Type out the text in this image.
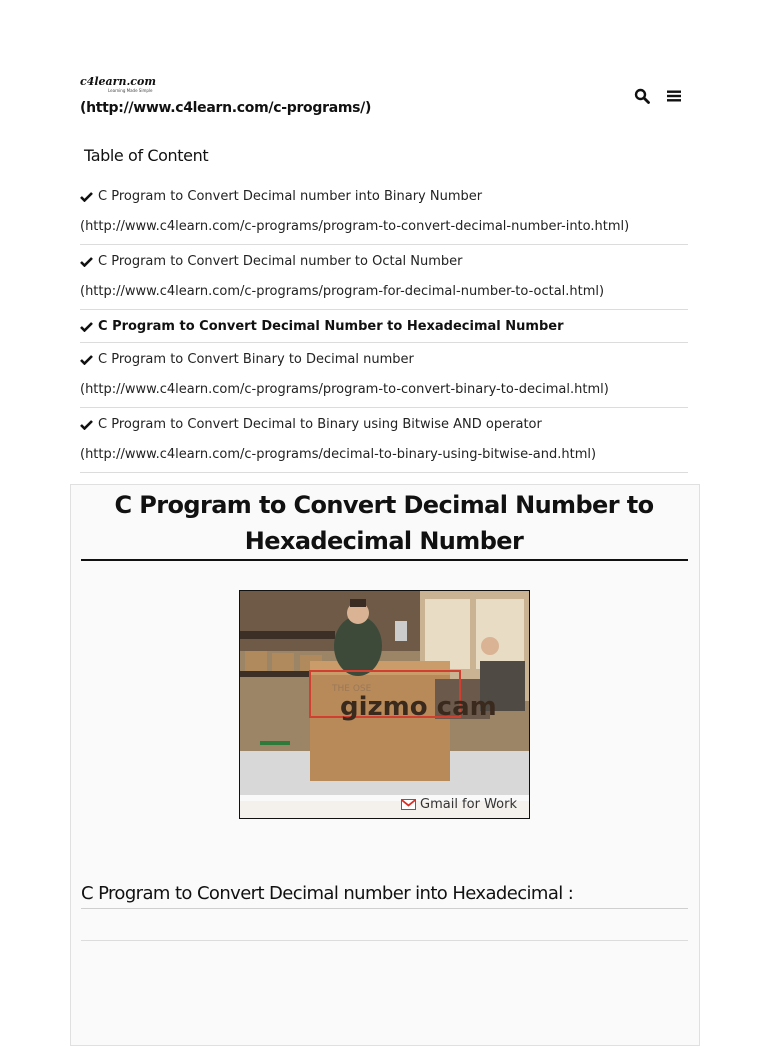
c4learn.com
Learning Made Simple
(http://www.c4learn.com/c-programs/)
Table of Content
C Program to Convert Decimal number into Binary Number
(http://www.c4learn.com/c-programs/program-to-convert-decimal-number-into.html)
C Program to Convert Decimal number to Octal Number
(http://www.c4learn.com/c-programs/program-for-decimal-number-to-octal.html)
C Program to Convert Decimal Number to Hexadecimal Number
C Program to Convert Binary to Decimal number
(http://www.c4learn.com/c-programs/program-to-convert-binary-to-decimal.html)
C Program to Convert Decimal to Binary using Bitwise AND operator
(http://www.c4learn.com/c-programs/decimal-to-binary-using-bitwise-and.html)
C Program to Convert Decimal Number to Hexadecimal Number
THE OSE
gizmo cam
Gmail for Work
C Program to Convert Decimal number into Hexadecimal :
